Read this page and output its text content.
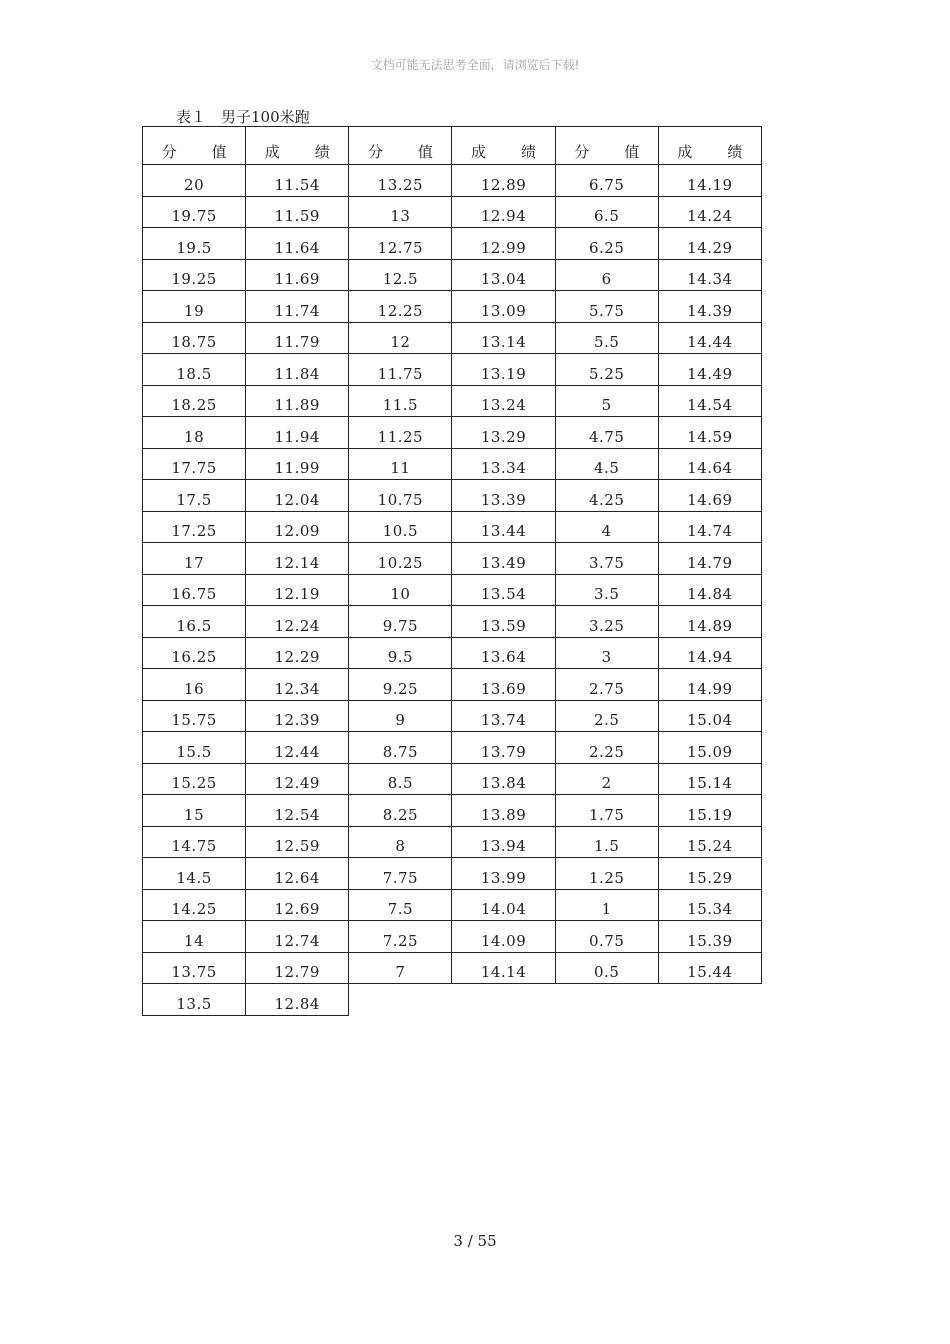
文档可能无法思考全面，请浏览后下载!
表１　男子100米跑
分　值	成　绩	分　值	成　绩	分　值	成　绩
20	11.54	13.25	12.89	6.75	14.19
19.75	11.59	13	12.94	6.5	14.24
19.5	11.64	12.75	12.99	6.25	14.29
19.25	11.69	12.5	13.04	6	14.34
19	11.74	12.25	13.09	5.75	14.39
18.75	11.79	12	13.14	5.5	14.44
18.5	11.84	11.75	13.19	5.25	14.49
18.25	11.89	11.5	13.24	5	14.54
18	11.94	11.25	13.29	4.75	14.59
17.75	11.99	11	13.34	4.5	14.64
17.5	12.04	10.75	13.39	4.25	14.69
17.25	12.09	10.5	13.44	4	14.74
17	12.14	10.25	13.49	3.75	14.79
16.75	12.19	10	13.54	3.5	14.84
16.5	12.24	9.75	13.59	3.25	14.89
16.25	12.29	9.5	13.64	3	14.94
16	12.34	9.25	13.69	2.75	14.99
15.75	12.39	9	13.74	2.5	15.04
15.5	12.44	8.75	13.79	2.25	15.09
15.25	12.49	8.5	13.84	2	15.14
15	12.54	8.25	13.89	1.75	15.19
14.75	12.59	8	13.94	1.5	15.24
14.5	12.64	7.75	13.99	1.25	15.29
14.25	12.69	7.5	14.04	1	15.34
14	12.74	7.25	14.09	0.75	15.39
13.75	12.79	7	14.14	0.5	15.44
13.5	12.84				
3 / 55
